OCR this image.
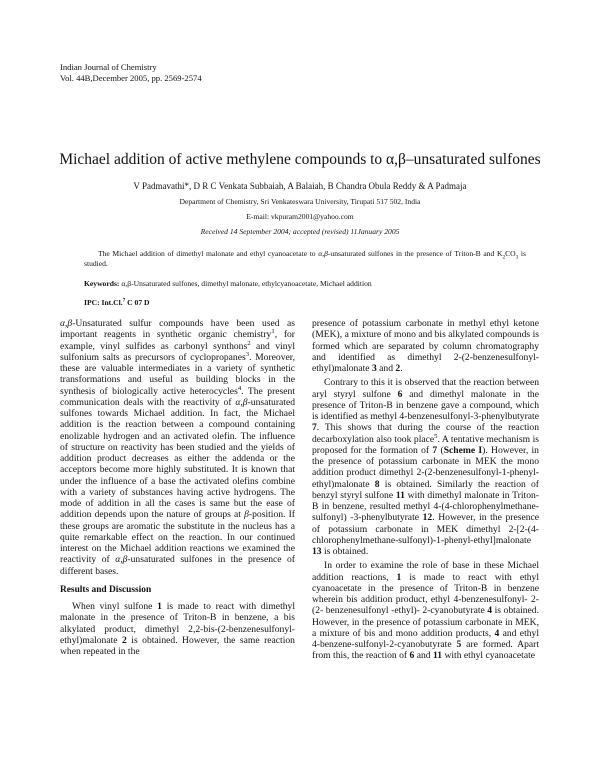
Indian Journal of Chemistry
Vol. 44B,December 2005, pp. 2569-2574
Michael addition of active methylene compounds to α,β–unsaturated sulfones
V Padmavathi*, D R C Venkata Subbaiah, A Balaiah, B Chandra Obula Reddy & A Padmaja
Department of Chemistry, Sri Venkateswara University, Tirupati 517 502, India
E-mail: vkpuram2001@yahoo.com
Received 14 September 2004; accepted (revised) 11January 2005
The Michael addition of dimethyl malonate and ethyl cyanoacetate to α,β-unsaturated sulfones in the presence of Triton-B and $K_2CO_3$ is studied.
Keywords: α,β-Unsaturated sulfones, dimethyl malonate, ethylcyanoacetate, Michael addition
IPC: Int.Cl.$^7$ C 07 D

α,β-Unsaturated sulfur compounds have been used as important reagents in synthetic organic chemistry$^1$, for example, vinyl sulfides as carbonyl synthons$^2$ and vinyl sulfonium salts as precursors of cyclopropanes$^3$. Moreover, these are valuable intermediates in a variety of synthetic transformations and useful as building blocks in the synthesis of biologically active heterocycles$^4$. The present communication deals with the reactivity of α,β-unsaturated sulfones towards Michael addition. In fact, the Michael addition is the reaction between a compound containing enolizable hydrogen and an activated olefin. The influence of structure on reactivity has been studied and the yields of addition product decreases as either the addenda or the acceptors become more highly substituted. It is known that under the influence of a base the activated olefins combine with a variety of substances having active hydrogens. The mode of addition in all the cases is same but the ease of addition depends upon the nature of groups at β-position. If these groups are aromatic the substitute in the nucleus has a quite remarkable effect on the reaction. In our continued interest on the Michael addition reactions we examined the reactivity of α,β-unsaturated sulfones in the presence of different bases.

Results and Discussion

When vinyl sulfone 1 is made to react with dimethyl malonate in the presence of Triton-B in benzene, a bis alkylated product, dimethyl 2,2-bis-(2-benzenesulfonyl-ethyl)malonate 2 is obtained. However, the same reaction when repeated in the

presence of potassium carbonate in methyl ethyl ketone (MEK), a mixture of mono and bis alkylated compounds is formed which are separated by column chromatography and identified as dimethyl 2-(2-benzenesulfonyl-ethyl)malonate 3 and 2.

Contrary to this it is observed that the reaction between aryl styryl sulfone 6 and dimethyl malonate in the presence of Triton-B in benzene gave a compound, which is identified as methyl 4-benzenesulfonyl-3-phenylbutyrate 7. This shows that during the course of the reaction decarboxylation also took place$^5$. A tentative mechanism is proposed for the formation of 7 (Scheme I). However, in the presence of potassium carbonate in MEK the mono addition product dimethyl 2-(2-benzenesulfonyl-1-phenyl-ethyl)malonate 8 is obtained. Similarly the reaction of benzyl styryl sulfone 11 with dimethyl malonate in Triton-B in benzene, resulted methyl 4-(4-chlorophenylmethane-sulfonyl) -3-phenylbutyrate 12. However, in the presence of potassium carbonate in MEK dimethyl 2-[2-(4-chlorophenylmethane-sulfonyl)-1-phenyl-ethyl]malonate 13 is obtained.

In order to examine the role of base in these Michael addition reactions, 1 is made to react with ethyl cyanoacetate in the presence of Triton-B in benzene wherein bis addition product, ethyl 4-benzenesulfonyl- 2- (2- benzenesulfonyl -ethyl)- 2-cyanobutyrate 4 is obtained. However, in the presence of potassium carbonate in MEK, a mixture of bis and mono addition products, 4 and ethyl 4-benzene-sulfonyl-2-cyanobutyrate 5 are formed. Apart from this, the reaction of 6 and 11 with ethyl cyanoacetate
